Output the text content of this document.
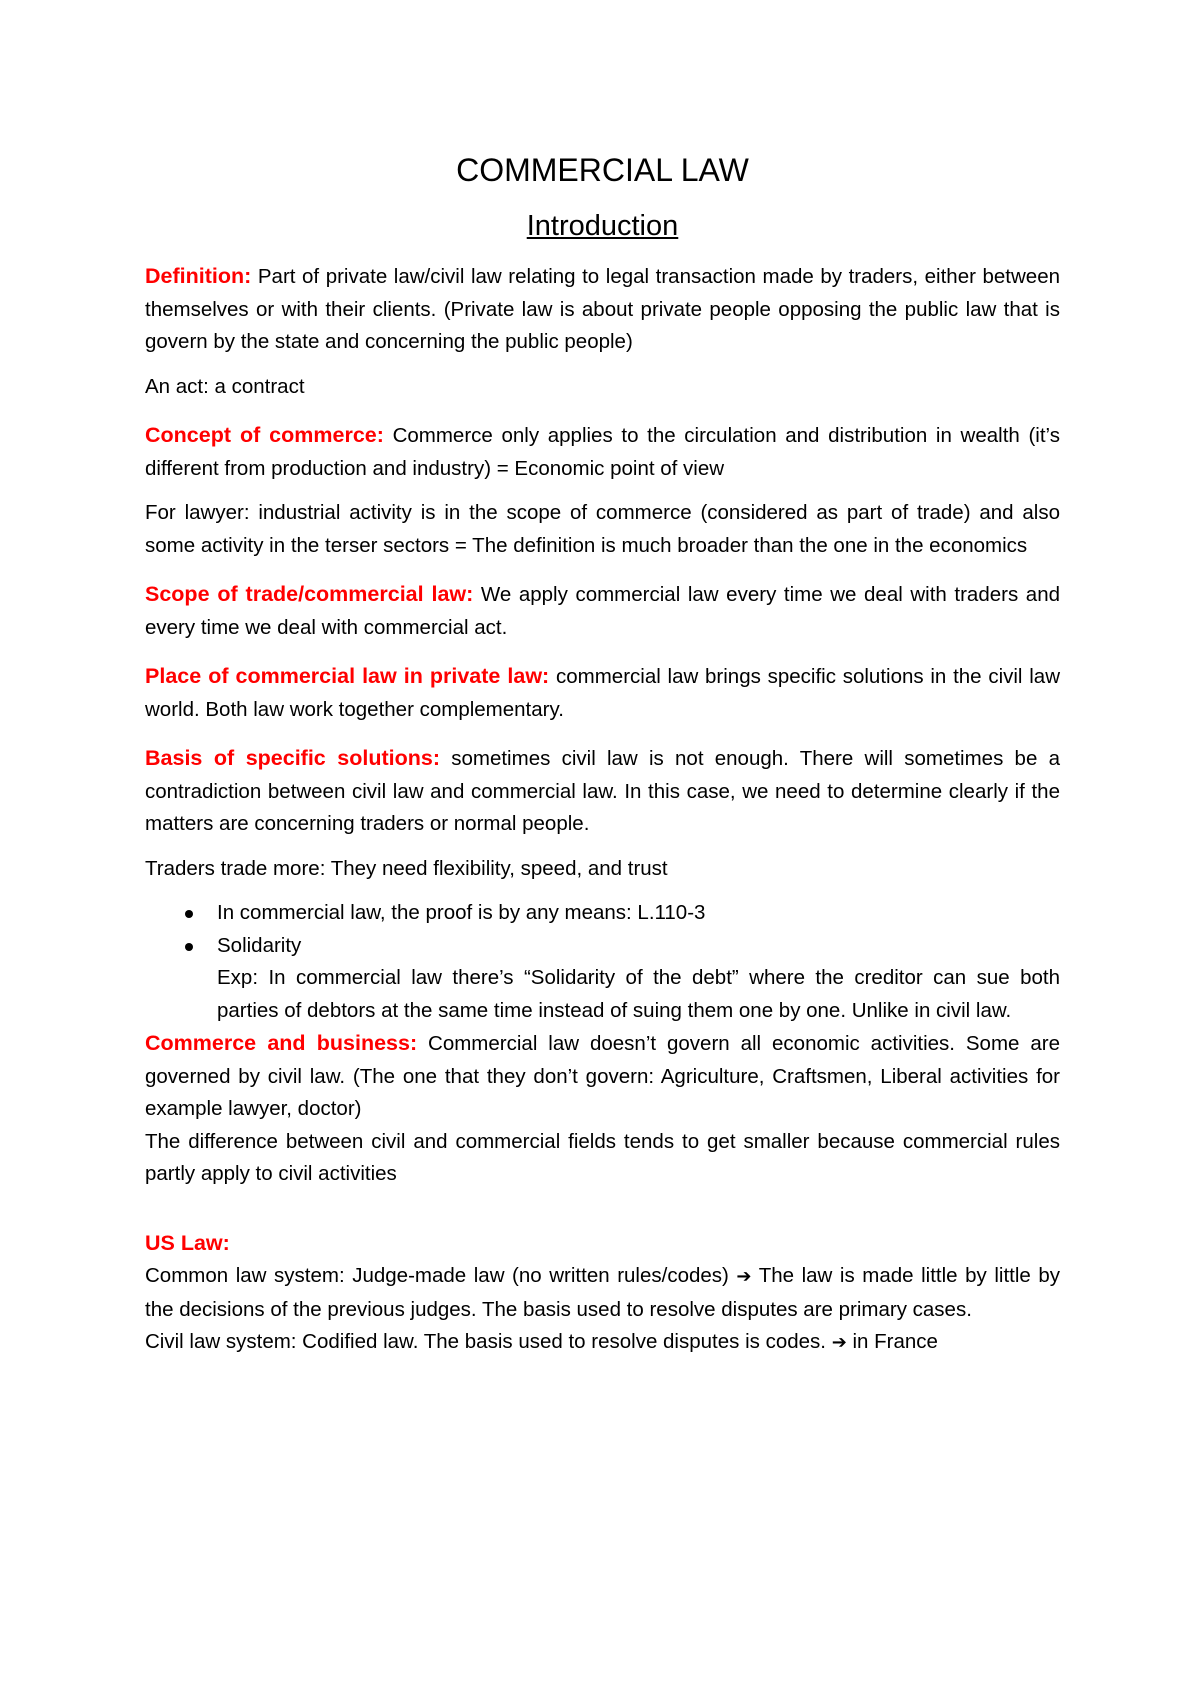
COMMERCIAL LAW
Introduction

Definition: Part of private law/civil law relating to legal transaction made by traders, either between themselves or with their clients. (Private law is about private people opposing the public law that is govern by the state and concerning the public people)

An act: a contract

Concept of commerce: Commerce only applies to the circulation and distribution in wealth (it’s different from production and industry) = Economic point of view

For lawyer: industrial activity is in the scope of commerce (considered as part of trade) and also some activity in the terser sectors = The definition is much broader than the one in the economics

Scope of trade/commercial law: We apply commercial law every time we deal with traders and every time we deal with commercial act.

Place of commercial law in private law: commercial law brings specific solutions in the civil law world. Both law work together complementary.

Basis of specific solutions: sometimes civil law is not enough. There will sometimes be a contradiction between civil law and commercial law. In this case, we need to determine clearly if the matters are concerning traders or normal people.

Traders trade more: They need flexibility, speed, and trust

In commercial law, the proof is by any means: L.110-3
Solidarity
Exp: In commercial law there’s “Solidarity of the debt” where the creditor can sue both parties of debtors at the same time instead of suing them one by one. Unlike in civil law.

Commerce and business: Commercial law doesn’t govern all economic activities. Some are governed by civil law. (The one that they don’t govern: Agriculture, Craftsmen, Liberal activities for example lawyer, doctor)

The difference between civil and commercial fields tends to get smaller because commercial rules partly apply to civil activities

US Law:

Common law system: Judge-made law (no written rules/codes) ➔ The law is made little by little by the decisions of the previous judges. The basis used to resolve disputes are primary cases.

Civil law system: Codified law. The basis used to resolve disputes is codes. ➔ in France
